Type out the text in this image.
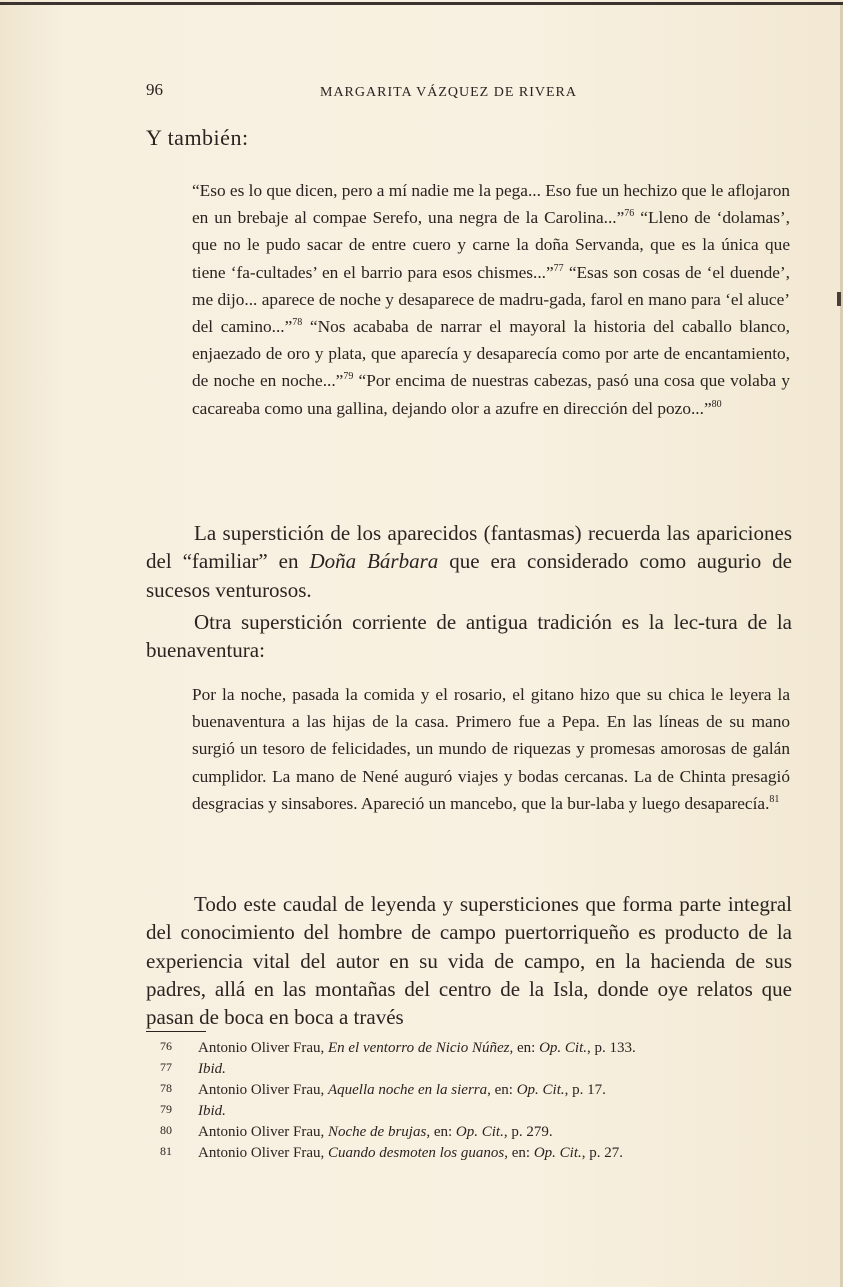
96	MARGARITA VÁZQUEZ DE RIVERA
Y también:
“Eso es lo que dicen, pero a mí nadie me la pega... Eso fue un hechizo que le aflojaron en un brebaje al compae Serefo, una negra de la Carolina...”$^{76}$ “Lleno de ‘dolamas’, que no le pudo sacar de entre cuero y carne la doña Servanda, que es la única que tiene ‘fa-cultades’ en el barrio para esos chismes...”$^{77}$ “Esas son cosas de ‘el duende’, me dijo... aparece de noche y desaparece de madru-gada, farol en mano para ‘el aluce’ del camino...”$^{78}$ “Nos acababa de narrar el mayoral la historia del caballo blanco, enjaezado de oro y plata, que aparecía y desaparecía como por arte de encantamiento, de noche en noche...”$^{79}$ “Por encima de nuestras cabezas, pasó una cosa que volaba y cacareaba como una gallina, dejando olor a azufre en dirección del pozo...”$^{80}$

La superstición de los aparecidos (fantasmas) recuerda las apariciones del “familiar” en Doña Bárbara que era considerado como augurio de sucesos venturosos.

Otra superstición corriente de antigua tradición es la lec-tura de la buenaventura:

Por la noche, pasada la comida y el rosario, el gitano hizo que su chica le leyera la buenaventura a las hijas de la casa. Primero fue a Pepa. En las líneas de su mano surgió un tesoro de felicidades, un mundo de riquezas y promesas amorosas de galán cumplidor. La mano de Nené auguró viajes y bodas cercanas. La de Chinta presagió desgracias y sinsabores. Apareció un mancebo, que la bur-laba y luego desaparecía.$^{81}$

Todo este caudal de leyenda y supersticiones que forma parte integral del conocimiento del hombre de campo puertorriqueño es producto de la experiencia vital del autor en su vida de campo, en la hacienda de sus padres, allá en las montañas del centro de la Isla, donde oye relatos que pasan de boca en boca a través

76 Antonio Oliver Frau, En el ventorro de Nicio Núñez, en: Op. Cit., p. 133.
77 Ibid.
78 Antonio Oliver Frau, Aquella noche en la sierra, en: Op. Cit., p. 17.
79 Ibid.
80 Antonio Oliver Frau, Noche de brujas, en: Op. Cit., p. 279.
81 Antonio Oliver Frau, Cuando desmoten los guanos, en: Op. Cit., p. 27.
